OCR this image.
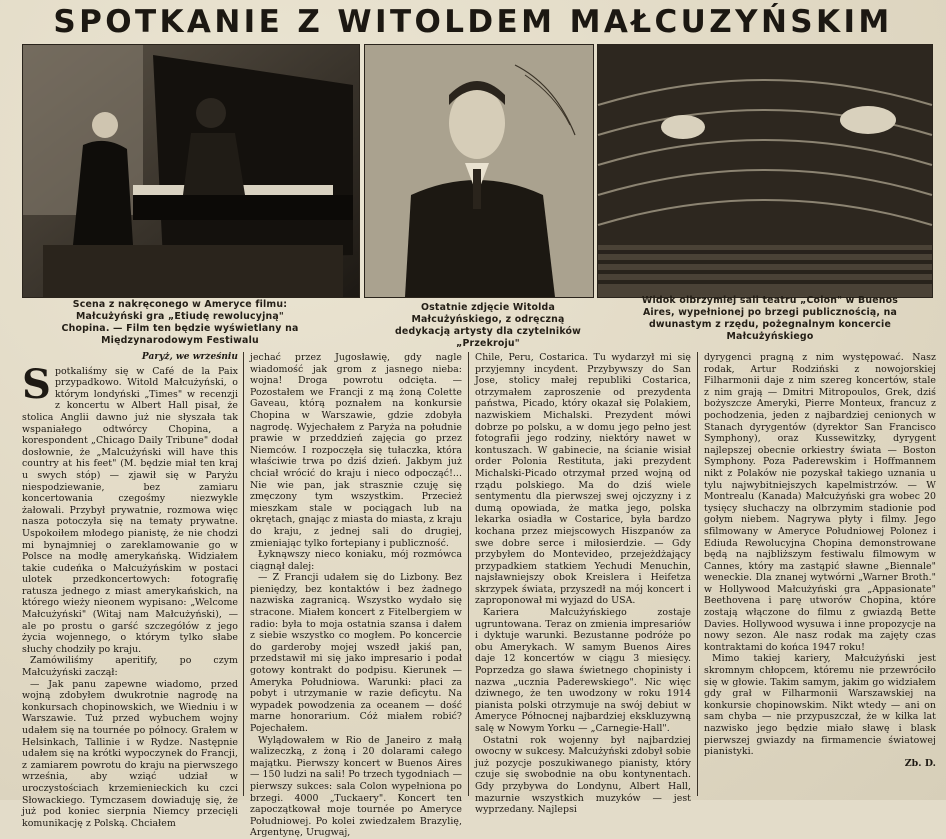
SPOTKANIE Z WITOLDEM MAŁCUZYŃSKIM
Scena z nakręconego w Ameryce filmu: Małcużyński gra „Etiudę rewolucyjną" Chopina. — Film ten będzie wyświetlany na Międzynarodowym Festiwalu
Ostatnie zdjęcie Witolda Małcużyńskiego, z odręczną dedykacją artysty dla czytelników „Przekroju"
Widok olbrzymiej sali teatru „Colon" w Buenos Aires, wypełnionej po brzegi publicznością, na dwunastym z rzędu, pożegnalnym koncercie Małcużyńskiego
Paryż, we wrześniu
S potkaliśmy się w Café de la Paix przypadkowo. Witold Małcużyński, o którym londyński „Times" w recenzji z koncertu w Albert Hall pisał, że stolica Anglii dawno już nie słyszała tak wspaniałego odtwórcy Chopina, a korespondent „Chicago Daily Tribune" dodał dosłownie, że „Malcużyński will have this country at his feet" (M. będzie miał ten kraj u swych stóp) — zjawił się w Paryżu niespodziewanie, bez zamiaru koncertowania czegośmy niezwykle żałowali. Przybył prywatnie, rozmowa więc nasza potoczyła się na tematy prywatne. Uspokoiłem młodego pianistę, że nie chodzi mi bynajmniej o zareklamowanie go w Polsce na modłę amerykańską. Widziałem takie cudeńka o Małcużyńskim w postaci ulotek przedkoncertowych: fotografię ratusza jednego z miast amerykańskich, na którego wieży nieonem wypisano: „Welcome Małcużyński" (Witaj nam Małcużyński), — ale po prostu o garść szczegółów z jego życia wojennego, o którym tylko słabe słuchy chodziły po kraju.

Zamówiliśmy aperitify, po czym Małcużyński zaczął:

— Jak panu zapewne wiadomo, przed wojną zdobyłem dwukrotnie nagrodę na konkursach chopinowskich, we Wiedniu i w Warszawie. Tuż przed wybuchem wojny udałem się na tournée po północy. Grałem w Helsinkach, Tallinie i w Rydze. Następnie udałem się na krótki wypoczynek do Francji, z zamiarem powrotu do kraju na pierwszego września, aby wziąć udział w uroczystościach krzemienieckich ku czci Słowackiego. Tymczasem dowiaduję się, że już pod koniec sierpnia Niemcy przecięli komunikację z Polską. Chciałem

jechać przez Jugosławię, gdy nagle wiadomość jak grom z jasnego nieba: wojna! Droga powrotu odcięta. — Pozostałem we Francji z mą żoną Colette Gaveau, którą poznałem na konkursie Chopina w Warszawie, gdzie zdobyła nagrodę. Wyjechałem z Paryża na południe prawie w przeddzień zajęcia go przez Niemców. I rozpoczęła się tułaczka, która właściwie trwa po dziś dzień. Jakbym już chciał wrócić do kraju i nieco odpocząć!... Nie wie pan, jak strasznie czuję się zmęczony tym wszystkim. Przecież mieszkam stale w pociągach lub na okrętach, gnając z miasta do miasta, z kraju do kraju, z jednej sali do drugiej, zmieniając tylko fortepiany i publiczność.

Łyknąwszy nieco koniaku, mój rozmówca ciągnął dalej:

— Z Francji udałem się do Lizbony. Bez pieniędzy, bez kontaktów i bez żadnego nazwiska zagranicą. Wszystko wydało się stracone. Miałem koncert z Fitelbergiem w radio: była to moja ostatnia szansa i dałem z siebie wszystko co mogłem. Po koncercie do garderoby mojej wszedł jakiś pan, przedstawił mi się jako impresario i podał gotowy kontrakt do podpisu. Kierunek — Ameryka Południowa. Warunki: płaci za pobyt i utrzymanie w razie deficytu. Na wypadek powodzenia za oceanem — dość marne honorarium. Cóż miałem robić? Pojechałem.

Wylądowałem w Rio de Janeiro z małą walizeczką, z żoną i 20 dolarami całego majątku. Pierwszy koncert w Buenos Aires — 150 ludzi na sali! Po trzech tygodniach — pierwszy sukces: sala Colon wypełniona po brzegi. 4000 „Tuckaery". Koncert ten zapoczątkował moje tournée po Ameryce Południowej. Po kolei zwiedzałem Brazylię, Argentynę, Urugwaj,

Chile, Peru, Costarica. Tu wydarzył mi się przyjemny incydent. Przybywszy do San Jose, stolicy małej republiki Costarica, otrzymałem zaproszenie od prezydenta państwa, Picado, który okazał się Polakiem, nazwiskiem Michalski. Prezydent mówi dobrze po polsku, a w domu jego pełno jest fotografii jego rodziny, niektóry nawet w kontuszach. W gabinecie, na ścianie wisiał order Polonia Restituta, jaki prezydent Michalski-Picado otrzymał przed wojną od rządu polskiego. Ma do dziś wiele sentymentu dla pierwszej swej ojczyzny i z dumą opowiada, że matka jego, polska lekarka osiadła w Costarice, była bardzo kochana przez miejscowych Hiszpanów za swe dobre serce i miłosierdzie. — Gdy przybyłem do Montevideo, przejeżdżający przypadkiem statkiem Yechudi Menuchin, najsławniejszy obok Kreislera i Heifetza skrzypek świata, przyszedł na mój koncert i zaproponował mi wyjazd do USA.

Kariera Małcużyńskiego zostaje ugruntowana. Teraz on zmienia impresariów i dyktuje warunki. Bezustanne podróże po obu Amerykach. W samym Buenos Aires daje 12 koncertów w ciągu 3 miesięcy. Poprzedza go sława świetnego chopinisty i nazwa „ucznia Paderewskiego". Nic więc dziwnego, że ten uwodzony w roku 1914 pianista polski otrzymuje na swój debiut w Ameryce Północnej najbardziej ekskluzywną salę w Nowym Yorku — „Carnegie-Hall".

Ostatni rok wojenny był najbardziej owocny w sukcesy. Małcużyński zdobył sobie już pozycje poszukiwanego pianisty, który czuje się swobodnie na obu kontynentach. Gdy przybywa do Londynu, Albert Hall, mazurnie wszystkich muzyków — jest wyprzedany. Najlepsi

dyrygenci pragną z nim występować. Nasz rodak, Artur Rodziński z nowojorskiej Filharmonii daje z nim szereg koncertów, stale z nim grają — Dmitri Mitropoulos, Grek, dziś bożyszcze Ameryki, Pierre Monteux, francuz z pochodzenia, jeden z najbardziej cenionych w Stanach dyrygentów (dyrektor San Francisco Symphony), oraz Kussewitzky, dyrygent najlepszej obecnie orkiestry świata — Boston Symphony. Poza Paderewskim i Hoffmannem nikt z Polaków nie pozyskał takiego uznania u tylu najwybitniejszych kapelmistrzów. — W Montrealu (Kanada) Małcużyński gra wobec 20 tysięcy słuchaczy na olbrzymim stadionie pod gołym niebem. Nagrywa płyty i filmy. Jego sfilmowany w Ameryce Południowej Polonez i Ediuda Rewolucyjna Chopina demonstrowane będą na najbliższym festiwalu filmowym w Cannes, który ma zastąpić sławne „Biennale" weneckie. Dla znanej wytwórni „Warner Broth." w Hollywood Małcużyński gra „Appasionate" Beethovena i parę utworów Chopina, które zostają włączone do filmu z gwiazdą Bette Davies. Hollywood wysuwa i inne propozycje na nowy sezon. Ale nasz rodak ma zajęty czas kontraktami do końca 1947 roku!

Mimo takiej kariery, Małcużyński jest skromnym chłopcem, któremu nie przewróciło się w głowie. Takim samym, jakim go widziałem gdy grał w Filharmonii Warszawskiej na konkursie chopinowskim. Nikt wtedy — ani on sam chyba — nie przypuszczał, że w kilka lat nazwisko jego będzie miało sławę i blask pierwszej gwiazdy na firmamencie światowej pianistyki.

Zb. D.
